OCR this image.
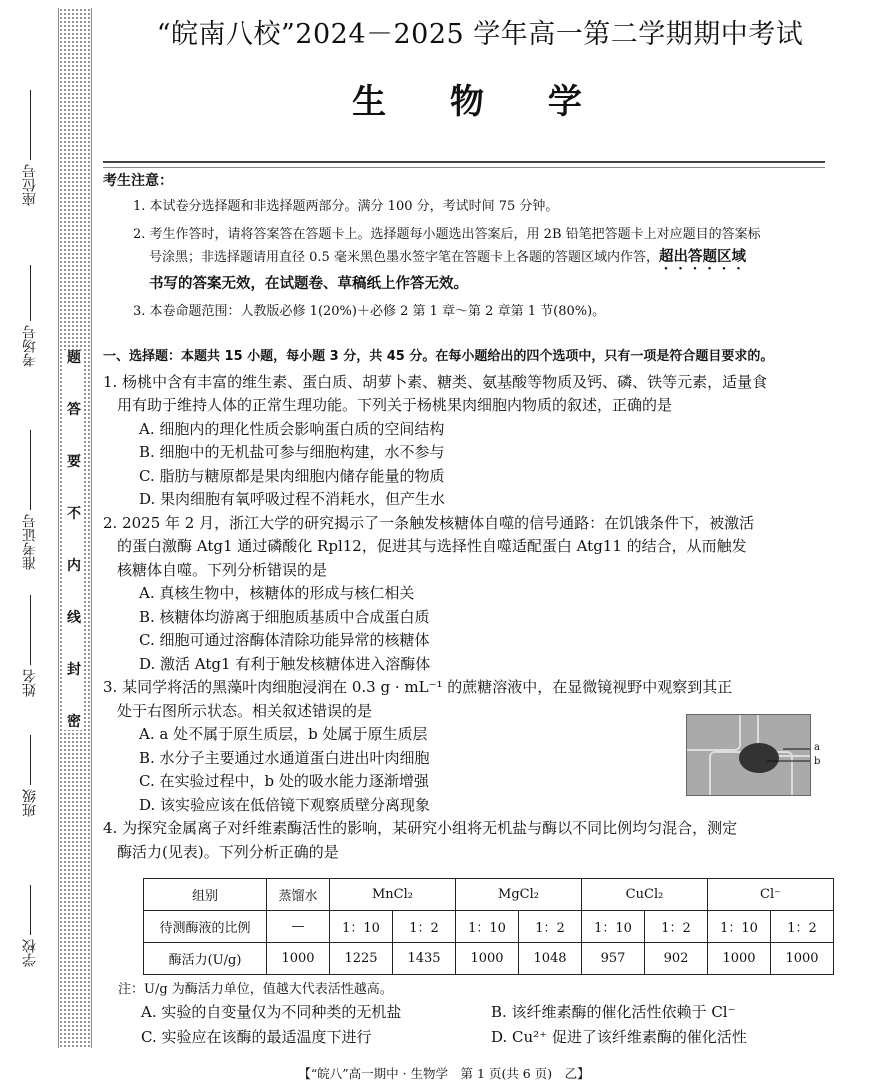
题
答
要
不
内
线
封
密
座位号
考场号
准考证号
姓名
班级
学校
“皖南八校”2024－2025 学年高一第二学期期中考试
生 物 学
考生注意：

1. 本试卷分选择题和非选择题两部分。满分 100 分，考试时间 75 分钟。

2. 考生作答时，请将答案答在答题卡上。选择题每小题选出答案后，用 2B 铅笔把答题卡上对应题目的答案标

号涂黑；非选择题请用直径 0.5 毫米黑色墨水签字笔在答题卡上各题的答题区域内作答，超出答题区域

书写的答案无效，在试题卷、草稿纸上作答无效。

3. 本卷命题范围：人教版必修 1(20%)＋必修 2 第 1 章～第 2 章第 1 节(80%)。

一、选择题：本题共 15 小题，每小题 3 分，共 45 分。在每小题给出的四个选项中，只有一项是符合题目要求的。

1. 杨桃中含有丰富的维生素、蛋白质、胡萝卜素、糖类、氨基酸等物质及钙、磷、铁等元素，适量食

用有助于维持人体的正常生理功能。下列关于杨桃果肉细胞内物质的叙述，正确的是

A. 细胞内的理化性质会影响蛋白质的空间结构

B. 细胞中的无机盐可参与细胞构建，水不参与

C. 脂肪与糖原都是果肉细胞内储存能量的物质

D. 果肉细胞有氧呼吸过程不消耗水，但产生水

2. 2025 年 2 月，浙江大学的研究揭示了一条触发核糖体自噬的信号通路：在饥饿条件下，被激活

的蛋白激酶 Atg1 通过磷酸化 Rpl12，促进其与选择性自噬适配蛋白 Atg11 的结合，从而触发

核糖体自噬。下列分析错误的是

A. 真核生物中，核糖体的形成与核仁相关

B. 核糖体均游离于细胞质基质中合成蛋白质

C. 细胞可通过溶酶体清除功能异常的核糖体

D. 激活 Atg1 有利于触发核糖体进入溶酶体

3. 某同学将活的黑藻叶肉细胞浸润在 0.3 g · mL⁻¹ 的蔗糖溶液中，在显微镜视野中观察到其正

处于右图所示状态。相关叙述错误的是

A. a 处不属于原生质层，b 处属于原生质层

B. 水分子主要通过水通道蛋白进出叶肉细胞

C. 在实验过程中，b 处的吸水能力逐渐增强

D. 该实验应该在低倍镜下观察质壁分离现象

4. 为探究金属离子对纤维素酶活性的影响，某研究小组将无机盐与酶以不同比例均匀混合，测定

酶活力(见表)。下列分析正确的是

a
b
组别	蒸馏水	MnCl₂		MgCl₂		CuCl₂		Cl⁻	
待测酶液的比例	—	1：10	1：2	1：10	1：2	1：10	1：2	1：10	1：2
酶活力(U/g)	1000	1225	1435	1000	1048	957	902	1000	1000
注：U/g 为酶活力单位，值越大代表活性越高。
A. 实验的自变量仅为不同种类的无机盐	B. 该纤维素酶的催化活性依赖于 Cl⁻
C. 实验应在该酶的最适温度下进行	D. Cu²⁺ 促进了该纤维素酶的催化活性
【“皖八”高一期中 · 生物学　第 1 页(共 6 页)　乙】
